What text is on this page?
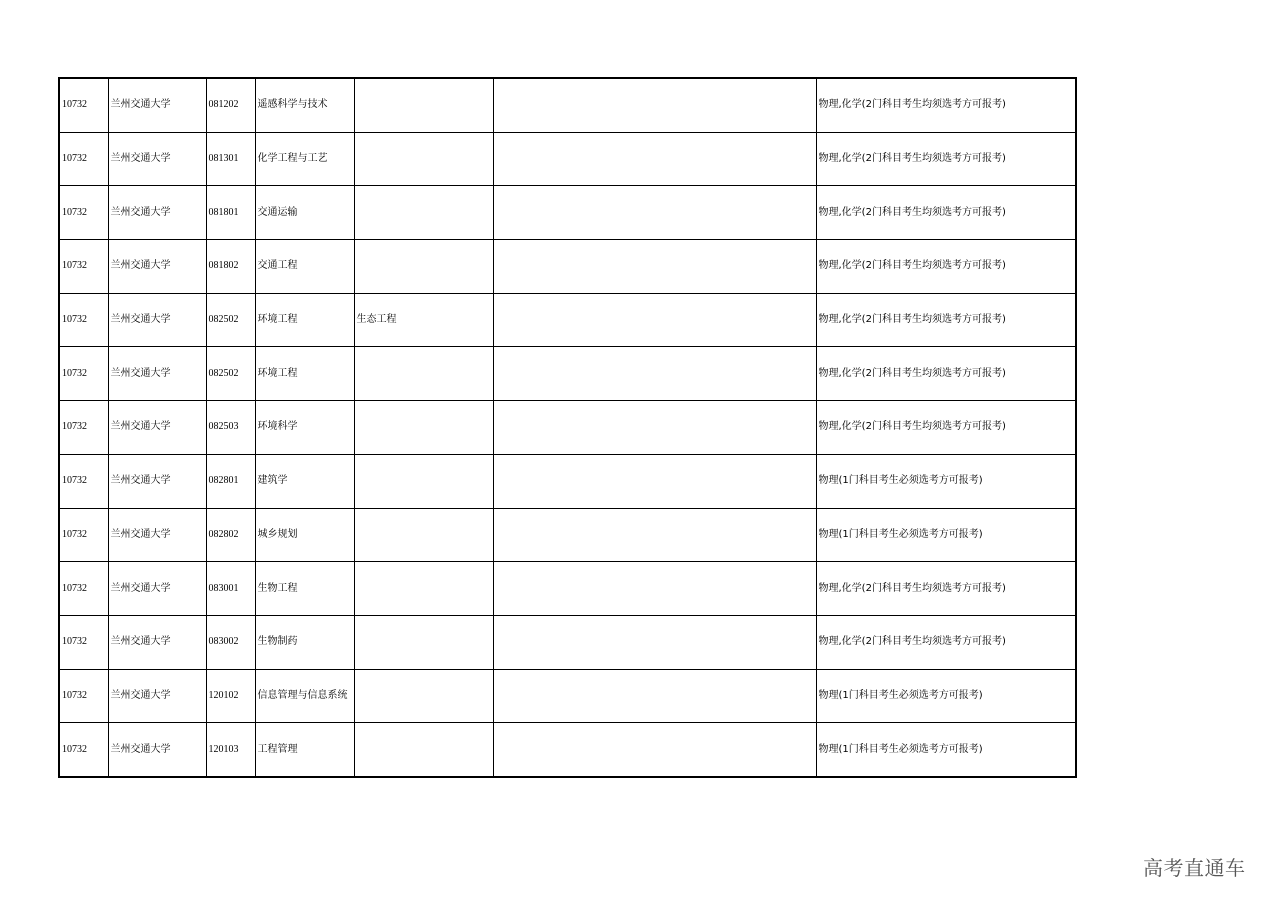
10732	兰州交通大学	081202	遥感科学与技术			物理,化学(2门科目考生均须选考方可报考)
10732	兰州交通大学	081301	化学工程与工艺			物理,化学(2门科目考生均须选考方可报考)
10732	兰州交通大学	081801	交通运输			物理,化学(2门科目考生均须选考方可报考)
10732	兰州交通大学	081802	交通工程			物理,化学(2门科目考生均须选考方可报考)
10732	兰州交通大学	082502	环境工程	生态工程		物理,化学(2门科目考生均须选考方可报考)
10732	兰州交通大学	082502	环境工程			物理,化学(2门科目考生均须选考方可报考)
10732	兰州交通大学	082503	环境科学			物理,化学(2门科目考生均须选考方可报考)
10732	兰州交通大学	082801	建筑学			物理(1门科目考生必须选考方可报考)
10732	兰州交通大学	082802	城乡规划			物理(1门科目考生必须选考方可报考)
10732	兰州交通大学	083001	生物工程			物理,化学(2门科目考生均须选考方可报考)
10732	兰州交通大学	083002	生物制药			物理,化学(2门科目考生均须选考方可报考)
10732	兰州交通大学	120102	信息管理与信息系统			物理(1门科目考生必须选考方可报考)
10732	兰州交通大学	120103	工程管理			物理(1门科目考生必须选考方可报考)
高考直通车
